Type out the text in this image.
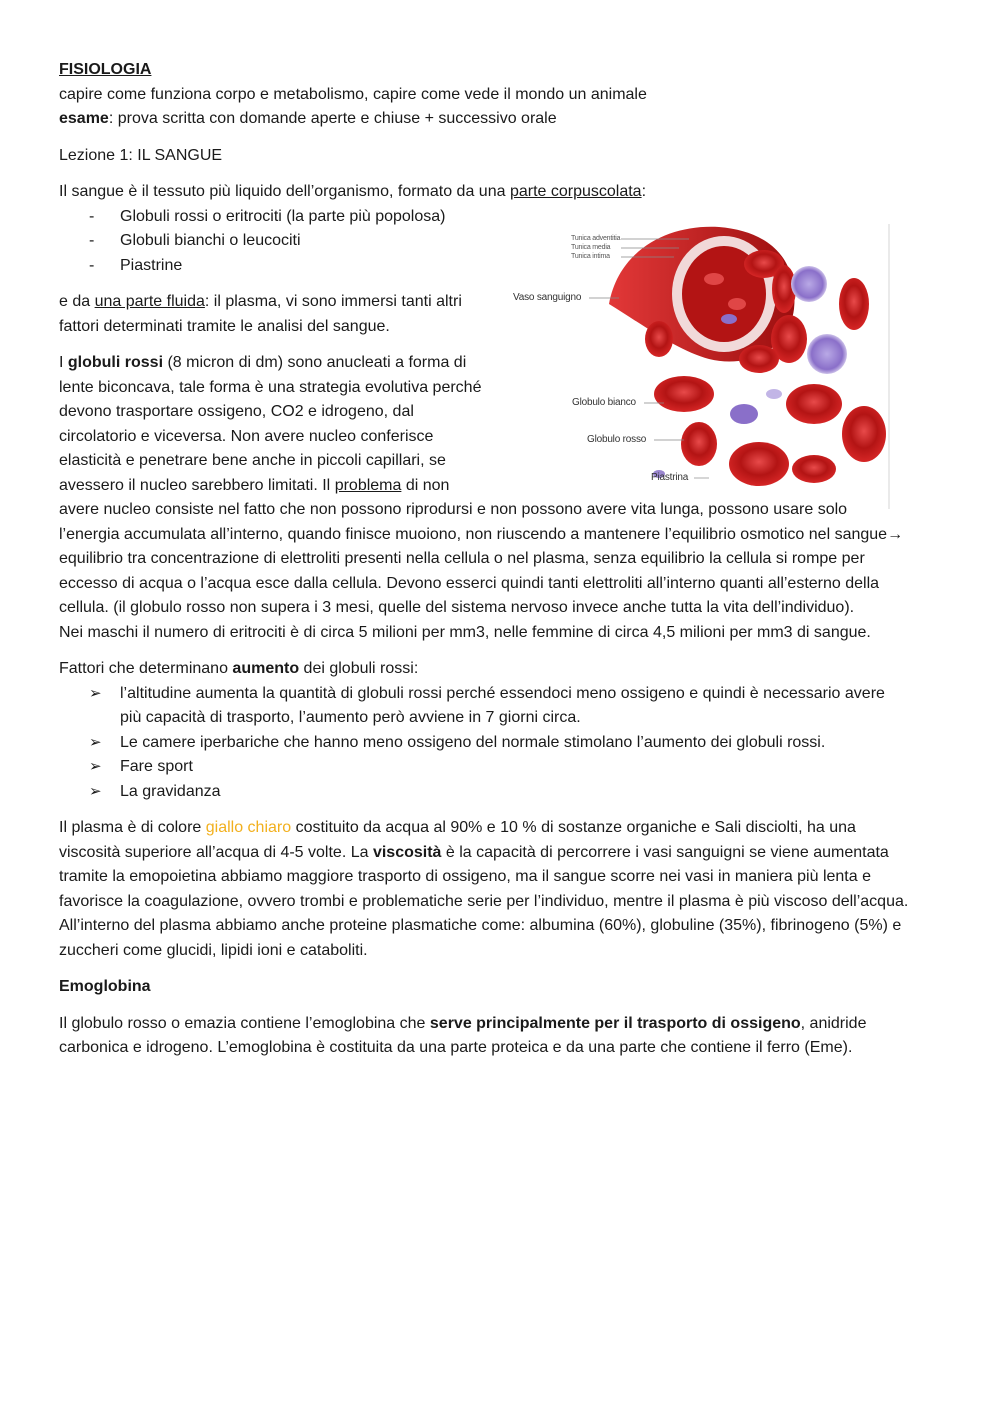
FISIOLOGIA

capire come funziona corpo e metabolismo, capire come vede il mondo un animale

esame: prova scritta con domande aperte e chiuse + successivo orale

Lezione 1: IL SANGUE

Il sangue è il tessuto più liquido dell’organismo, formato da una parte corpuscolata:

- Globuli rossi o eritrociti (la parte più popolosa)
- Globuli bianchi o leucociti
- Piastrine

e da una parte fluida: il plasma, vi sono immersi tanti altri fattori determinati tramite le analisi del sangue.

I globuli rossi (8 micron di dm) sono anucleati a forma di lente biconcava, tale forma è una strategia evolutiva perché devono trasportare ossigeno, CO2 e idrogeno, dal circolatorio e viceversa. Non avere nucleo conferisce elasticità e penetrare bene anche in piccoli capillari, se avessero il nucleo sarebbero limitati. Il problema di non

avere nucleo consiste nel fatto che non possono riprodursi e non possono avere vita lunga, possono usare solo l’energia accumulata all’interno, quando finisce muoiono, non riuscendo a mantenere l’equilibrio osmotico nel sangue→ equilibrio tra concentrazione di elettroliti presenti nella cellula o nel plasma, senza equilibrio la cellula si rompe per eccesso di acqua o l’acqua esce dalla cellula. Devono esserci quindi tanti elettroliti all’interno quanti all’esterno della cellula. (il globulo rosso non supera i 3 mesi, quelle del sistema nervoso invece anche tutta la vita dell’individuo).

Nei maschi il numero di eritrociti è di circa 5 milioni per mm3, nelle femmine di circa 4,5 milioni per mm3 di sangue.

Fattori che determinano aumento dei globuli rossi:

➢ l’altitudine aumenta la quantità di globuli rossi perché essendoci meno ossigeno e quindi è necessario avere più capacità di trasporto, l’aumento però avviene in 7 giorni circa.
➢ Le camere iperbariche che hanno meno ossigeno del normale stimolano l’aumento dei globuli rossi.
➢ Fare sport
➢ La gravidanza

Il plasma è di colore giallo chiaro costituito da acqua al 90% e 10 % di sostanze organiche e Sali disciolti, ha una viscosità superiore all’acqua di 4-5 volte. La viscosità è la capacità di percorrere i vasi sanguigni se viene aumentata tramite la emopoietina abbiamo maggiore trasporto di ossigeno, ma il sangue scorre nei vasi in maniera più lenta e favorisce la coagulazione, ovvero trombi e problematiche serie per l’individuo, mentre il plasma è più viscoso dell’acqua. All’interno del plasma abbiamo anche proteine plasmatiche come: albumina (60%), globuline (35%), fibrinogeno (5%) e zuccheri come glucidi, lipidi ioni e cataboliti.

Emoglobina

Il globulo rosso o emazia contiene l’emoglobina che serve principalmente per il trasporto di ossigeno, anidride carbonica e idrogeno. L’emoglobina è costituita da una parte proteica e da una parte che contiene il ferro (Eme).

Tunica adventitia
Tunica media
Tunica intima
Vaso sanguigno
Globulo bianco
Globulo rosso
Piastrina
